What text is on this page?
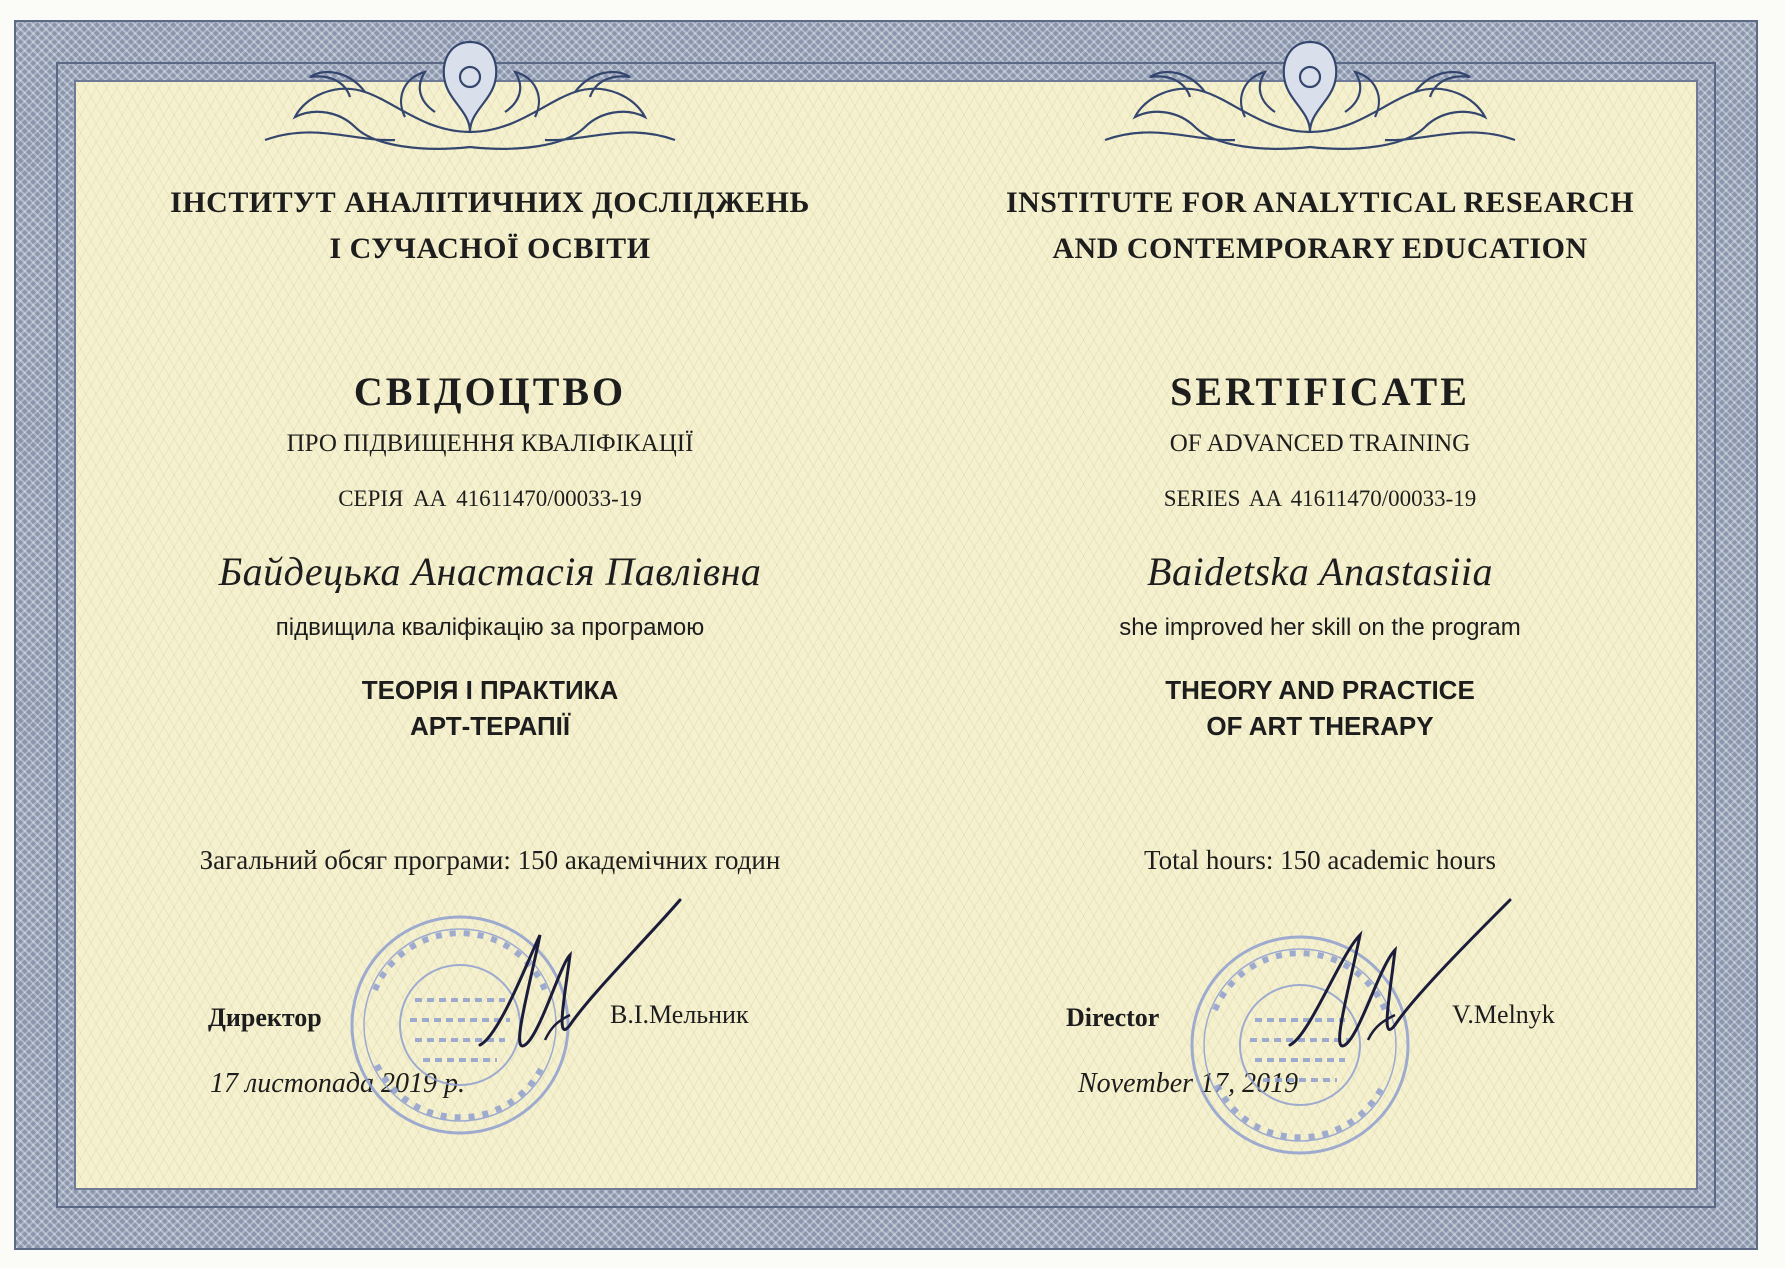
ІНСТИТУТ АНАЛІТИЧНИХ ДОСЛІДЖЕНЬ
І СУЧАСНОЇ ОСВІТИ
СВІДОЦТВО
ПРО ПІДВИЩЕННЯ КВАЛІФІКАЦІЇ
СЕРІЯ АА 41611470/00033-19
Байдецька Анастасія Павлівна
підвищила кваліфікацію за програмою
ТЕОРІЯ І ПРАКТИКА
АРТ-ТЕРАПІЇ
Загальний обсяг програми: 150 академічних годин
Директор	В.І.Мельник
17 листопада 2019 р.
INSTITUTE FOR ANALYTICAL RESEARCH
AND CONTEMPORARY EDUCATION
SERTIFICATE
OF ADVANCED TRAINING
SERIES AA 41611470/00033-19
Baidetska Anastasiia
she improved her skill on the program
THEORY AND PRACTICE
OF ART THERAPY
Total hours: 150 academic hours
Director	V.Melnyk
November 17, 2019
